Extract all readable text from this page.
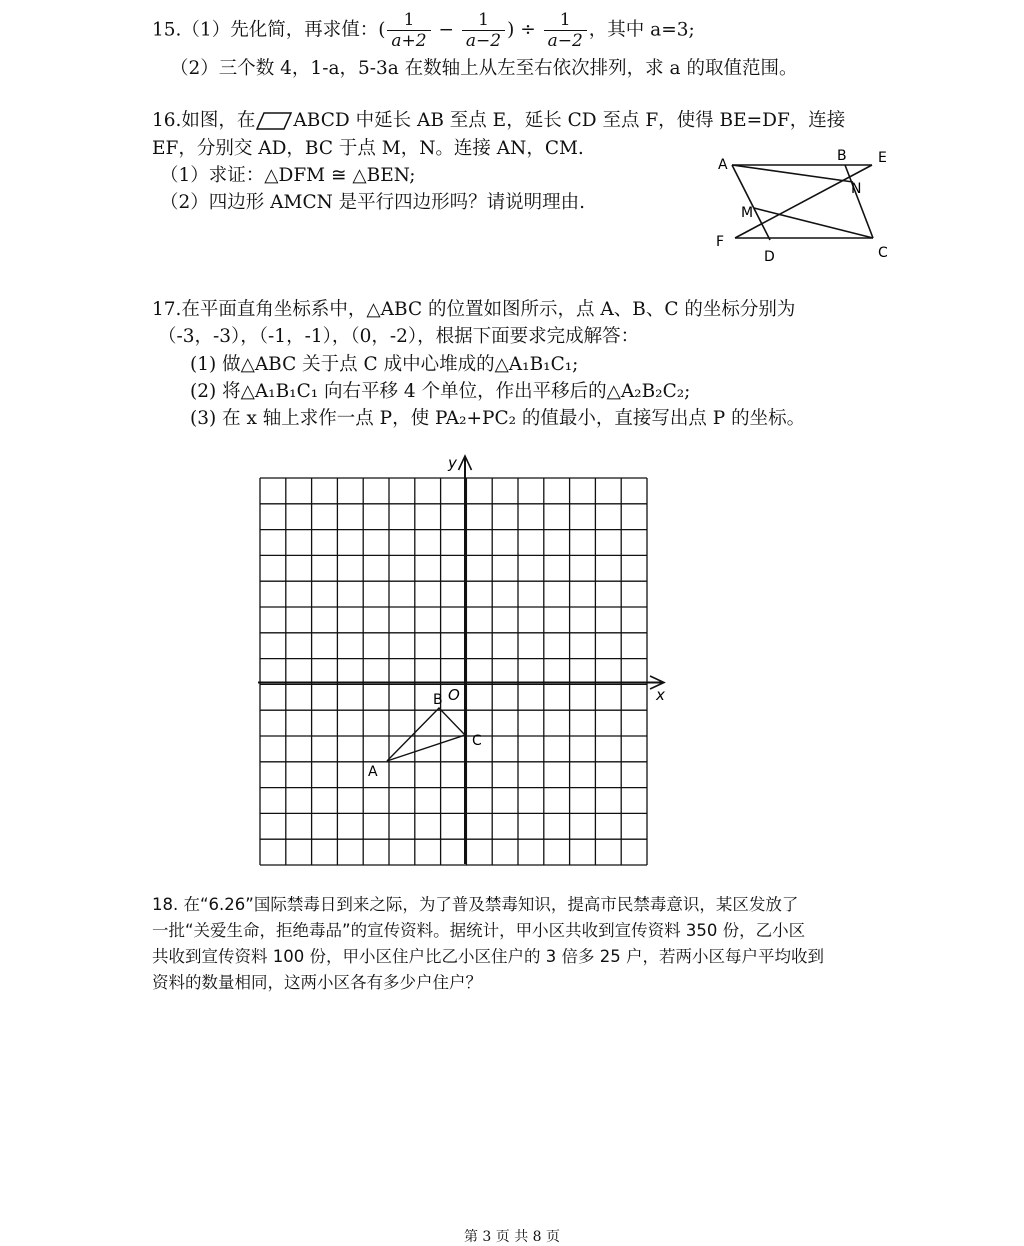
15.（1）先化简，再求值：( $\frac{1}{a+2} - \frac{1}{a-2}$ ) ÷ $\frac{1}{a-2}$ ，其中 a=3;
（2）三个数 4，1-a，5-3a 在数轴上从左至右依次排列，求 a 的取值范围。
16.如图，在 ABCD 中延长 AB 至点 E，延长 CD 至点 F，使得 BE=DF，连接
EF，分别交 AD，BC 于点 M，N。连接 AN，CM.
（1）求证：△DFM ≅ △BEN;
（2）四边形 AMCN 是平行四边形吗？请说明理由.
A
B E
N
M
F
D	C
17.在平面直角坐标系中，△ABC 的位置如图所示，点 A、B、C 的坐标分别为
（-3，-3），（-1，-1），（0，-2），根据下面要求完成解答：
(1) 做△ABC 关于点 C 成中心堆成的△A₁B₁C₁;
(2) 将△A₁B₁C₁ 向右平移 4 个单位，作出平移后的△A₂B₂C₂;
(3) 在 x 轴上求作一点 P，使 PA₂+PC₂ 的值最小，直接写出点 P 的坐标。
x
y
O
A
B
C
18. 在“6.26”国际禁毒日到来之际，为了普及禁毒知识，提高市民禁毒意识，某区发放了
一批“关爱生命，拒绝毒品”的宣传资料。据统计，甲小区共收到宣传资料 350 份，乙小区
共收到宣传资料 100 份，甲小区住户比乙小区住户的 3 倍多 25 户，若两小区每户平均收到
资料的数量相同，这两小区各有多少户住户？
第 3 页 共 8 页
